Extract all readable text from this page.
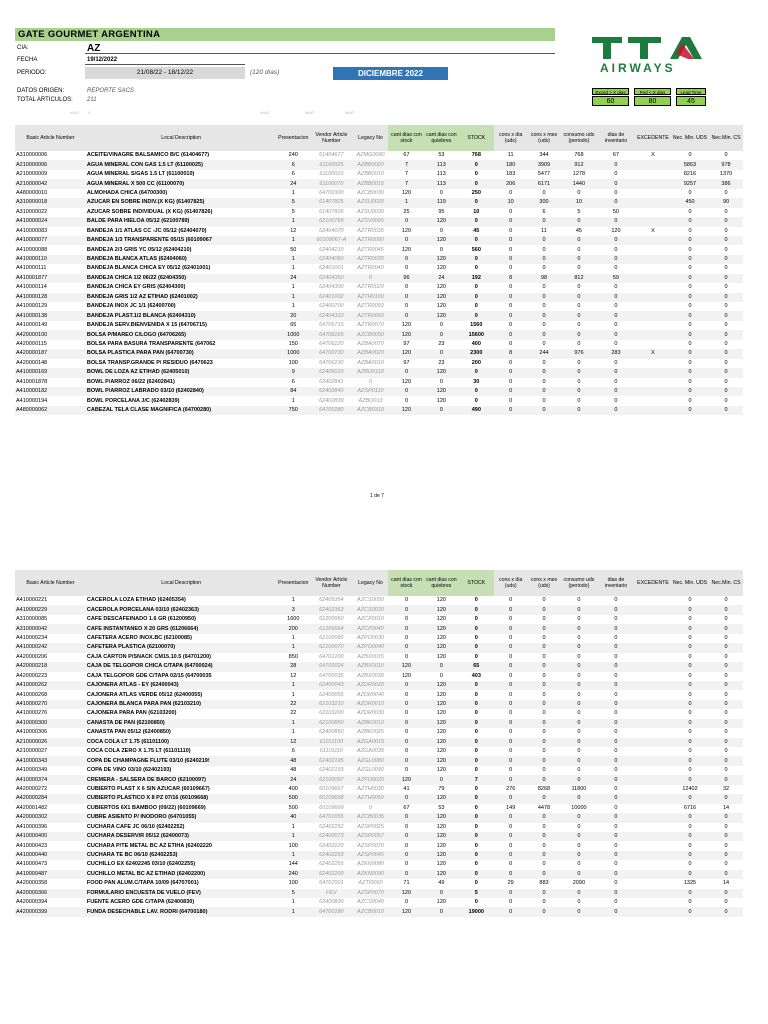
GATE GOURMET ARGENTINA
CIA:	AZ
FECHA	19/12/2022
PERIODO:	21/08/22 - 18/12/22	(120 días)	DICIEMBRE 2022
DATOS ORIGEN:	REPORTE SACS
TOTAL ARTICULOS: 211
#N/D 0	#N/D	#N/D	#N/D
AIRWAYS
Exced > X dias	Ped < X dias	Lead Time
60	80	45
Basic Article Number	Local Description	Presentacion	Vendor Article Number	Legacy No	cant dias con stock	cant dias con quiebres	STOCK	cons x dia (uds)	cons x mes (uds)	consumo uds (periodo)	dias de inventario	EXCEDENTE	Nec. Min. UDS	Nec.Min. CS
A310000006	ACEITE/VINAGRE BALSAMICO B/C (61404677)	240	61404677	AZMG0090	67	53	768	11	344	768	67	X	0	0
A210000006	AGUA MINERAL CON GAS 1.5 LT (61100025)	6	61100025	AZBB0020	7	113	0	180	3909	912	0		5863	978
A210000009	AGUA MINERAL S/GAS 1.5 LT (61100010)	6	61100010	AZBB0010	7	113	0	183	5477	1278	0		8216	1370
A210000042	AGUA MINERAL X 500 CC (61100070)	24	61100070	AZBB0015	7	113	0	206	6171	1440	0		9257	386
A480000010	ALMOHADA CHICA (64700300)	1	64700300	AZCB0030	120	0	250	0	0	0	0		0	0
A310000018	AZUCAR EN SOBRE INDIV.(X KG) (61407825)	5	61407825	AZSU0020	1	119	0	10	300	10	0		450	90
A310000022	AZUCAR SOBRE INDIVIDUAL (X KG) (61407826)	5	61407826	AZSU0030	25	95	10	0	6	5	50		0	0
A410000024	BALDE PARA HIELOA 05/12 (62100789)	1	62100789	AZSV0095	0	120	0	0	0	0	0		0	0
A410000083	BANDEJA 1/1 ATLAS CC -JC 05/12 (62404070)	12	62404070	AZTR0035	120	0	45	0	11	45	120	X	0	0
A410000077	BANDEJA 1/3 TRANSPARENTE 05/15 (60109067	1	60109067-A	AZTR0090	0	120	0	0	0	0	0		0	0
A410000088	BANDEJA 2/3 GRIS YC 05/12 (62404210)	50	62404210	AZTR0045	120	0	560	0	0	0	0		0	0
A410000110	BANDEJA BLANCA ATLAS (62404060)	1	62404060	AZTR0030	0	120	0	0	0	0	0		0	0
A410000111	BANDEJA BLANCA CHICA EY 05/12 (62401001)	1	62401001	AZTR0040	0	120	0	0	0	0	0		0	0
A410001877	BANDEJA CHICA 1/2 06/22 (62404350)	24	62404350	0	96	24	192	8	98	812	59		0	0
A410000114	BANDEJA CHICA EY GRIS (62404300)	1	62404300	AZTR0020	0	120	0	0	0	0	0		0	0
A410000128	BANDEJA GRIS 1/2 AZ ETIHAD (62401002)	1	62401002	AZTR0100	0	120	0	0	0	0	0		0	0
A410000129	BANDEJA INOX JC 1/1 (62400700)	1	62400700	AZTR0050	0	120	0	0	0	0	0		0	0
A410000138	BANDEJA PLAST.1/2 BLANCA (62404310)	20	62404310	AZTR0060	0	120	0	0	0	0	0		0	0
A410000149	BANDEJA SERV.BIENVENIDA X 15 (64706715)	65	64706715	AZTR0070	120	0	1560	0	0	0	0		0	0
A420000100	BOLSA P/MAREO C/LOGO (64706265)	1000	64706265	AZCB0050	120	0	15600	0	0	0	0		0	0
A420000115	BOLSA PARA BASURA TRANSPARENTE (647062	150	64706220	AZBA0070	97	23	400	0	0	0	0		0	0
A420000187	BOLSA PLASTICA PARA PAN (64700730)	1000	64700730	AZBA0020	120	0	2300	8	244	976	283	X	0	0
A420000148	BOLSA TRANSP.GRANDE P/ RESIDUO (6470623	100	64706230	AZBA0010	97	23	200	0	0	0	0		0	0
A410000169	BOWL DE LOZA AZ ETIHAD (62405010)	9	62405010	AZBO0110	0	120	0	0	0	0	0		0	0
A410001878	BOWL P/ARROZ 06/22 (62402841)	6	62402841	0	120	0	30	0	0	0	0		0	0
A410000182	BOWL P/ARROZ LABRADO 03/10 (62402840)	84	62402840	AZSP0110	0	120	0	0	0	0	0		0	0
A410000194	BOWL PORCELANA J/C (62402839)	1	62402839	AZBO013	0	120	0	0	0	0	0		0	0
A480000062	CABEZAL TELA CLASE MAGNIFICA (64700280)	750	64700280	AZCB0310	120	0	490	0	0	0	0		0	0
1 de 7
Basic Article Number	Local Description	Presentacion	Vendor Article Number	Legacy No	cant dias con stock	cant dias con quiebres	STOCK	cons x dia (uds)	cons x mes (uds)	consumo uds (periodo)	dias de inventario	EXCEDENTE	Nec. Min. UDS	Nec.Min. CS
A410000221	CACEROLA LOZA ETIHAD (62405354)	1	62405354	AZCS0050	0	120	0	0	0	0	0		0	0
A410000229	CACEROLA PORCELANA 03/10 (62402363)	3	62402363	AZCS0020	0	120	0	0	0	0	0		0	0
A310000085	CAFE DESCAFEINADO 1.6 GR (61200950)	1600	61200950	AZCF0010	0	120	0	0	0	0	0		0	0
A310000042	CAFE INSTANTANEO X 20 GRS (61206664)	200	61206664	AZCF0040	0	120	0	0	0	0	0		0	0
A410000234	CAFETERA ACERO INOX.BC (62100085)	1	62100085	AZPO0030	0	120	0	0	0	0	0		0	0
A410000242	CAFETERA PLASTICA (62100070)	1	62100070	AZPO0040	0	120	0	0	0	0	0		0	0
A420000206	CAJA CARTON P/SNACK CM15.10.5 (64701200)	850	64701200	AZBX0015	0	120	0	0	0	0	0		0	0
A420000218	CAJA DE TELGOPOR CHICA C/TAPA (64700024)	28	64700024	AZBX0010	120	0	65	0	0	0	0		0	0
A420000223	CAJA TELGOPOR GDE C/TAPA 02/15 (64700035	12	64700035	AZBX0030	120	0	403	0	0	0	0		0	0
A410000262	CAJONERA ATLAS - EY (62400043)	1	62400043	AZDR0020	0	120	0	0	0	0	0		0	0
A410000268	CAJONERA ATLAS VERDE 05/12 (62400055)	1	62400055	AZDR0040	0	120	0	0	0	0	0		0	0
A410000270	CAJONERA BLANCA PARA PAN (62103210)	22	62103210	AZDR0010	0	120	0	0	0	0	0		0	0
A410000276	CAJONERA PARA PAN (62103200)	22	62103200	AZDR0030	0	120	0	0	0	0	0		0	0
A410000300	CANASTA DE PAN (62100850)	1	62100850	AZBK0010	0	120	0	0	0	0	0		0	0
A410000306	CANASTA PAN 05/12 (62400850)	1	62400850	AZBK0025	0	120	0	0	0	0	0		0	0
A210000026	COCA COLA LT 1.75 (61101100)	12	61101100	AZGA0015	0	120	0	0	0	0	0		0	0
A210000027	COCA COLA ZERO X 1.75 LT (61101110)	6	61101110	AZGA0035	0	120	0	0	0	0	0		0	0
A410000343	COPA DE CHAMPAGNE FLUTE 03/10 (6240219!	48	62402195	AZGL0080	0	120	0	0	0	0	0		0	0
A410000349	COPA DE VINO 03/10 (62402193)	48	62402193	AZGL0090	0	120	0	0	0	0	0		0	0
A410000374	CREMERA - SALSERA DE BARCO (62100097)	24	62100097	AZPO0020	120	0	7	0	0	0	0		0	0
A420000272	CUBIERTO PLAST X 6 SIN AZUCAR (60109667)	400	60109667	AZTH0030	41	79	0	276	8268	11800	0		12402	32
A420000284	CUBIERTO PLASTICO X 8 PZ 07/16 (60109668)	500	60109668	AZTH0050	0	120	0	0	0	0	0		0	0
A420001482	CUBIERTOS 6X1 BAMBOO (09/22) (60109669)	500	60109669	0	67	53	0	149	4478	10000	0		6716	14
A420000302	CUBRE ASIENTO P/ INODORO (64701055)	40	64701055	AZCB0035	0	120	0	0	0	0	0		0	0
A410000396	CUCHARA CAFE JC 06/10 (62402252)	1	62402252	AZSP0025	0	120	0	0	0	0	0		0	0
A410000400	CUCHARA DESERVIR 05/12 (62400073)	1	62400073	AZSP0057	0	120	0	0	0	0	0		0	0
A410000423	CUCHARA P/TE METAL BC AZ ETIHA (62402220	100	62402220	AZSP0070	0	120	0	0	0	0	0		0	0
A410000440	CUCHARA TE BC 06/10 (62402253)	1	62402253	AZSP0045	0	120	0	0	0	0	0		0	0
A410000473	CUCHILLO EX 62402245 03/10 (62402255)	144	62402255	AZKN0080	0	120	0	0	0	0	0		0	0
A410000487	CUCHILLO METAL BC AZ ETIHAD (62402200)	240	62402200	AZKN0090	0	120	0	0	0	0	0		0	0
A420000358	FOOD PAN ALUM.C/TAPA 10/09 (64707001)	100	64707001	AZTI0060	71	49	0	29	883	2090	0		1325	14
A420000366	FORMULARIO ENCUESTA DE VUELO (FEV)	5	FEV	AZSP0070	120	0	5	0	0	0	0		0	0
A420000394	FUENTE ACERO GDE C/TAPA (62400830)	1	62400830	AZCS0040	0	120	0	0	0	0	0		0	0
A420000399	FUNDA DESECHABLE LAV. RODRI (64700180)	1	64700180	AZCB0010	120	0	19000	0	0	0	0		0	0
